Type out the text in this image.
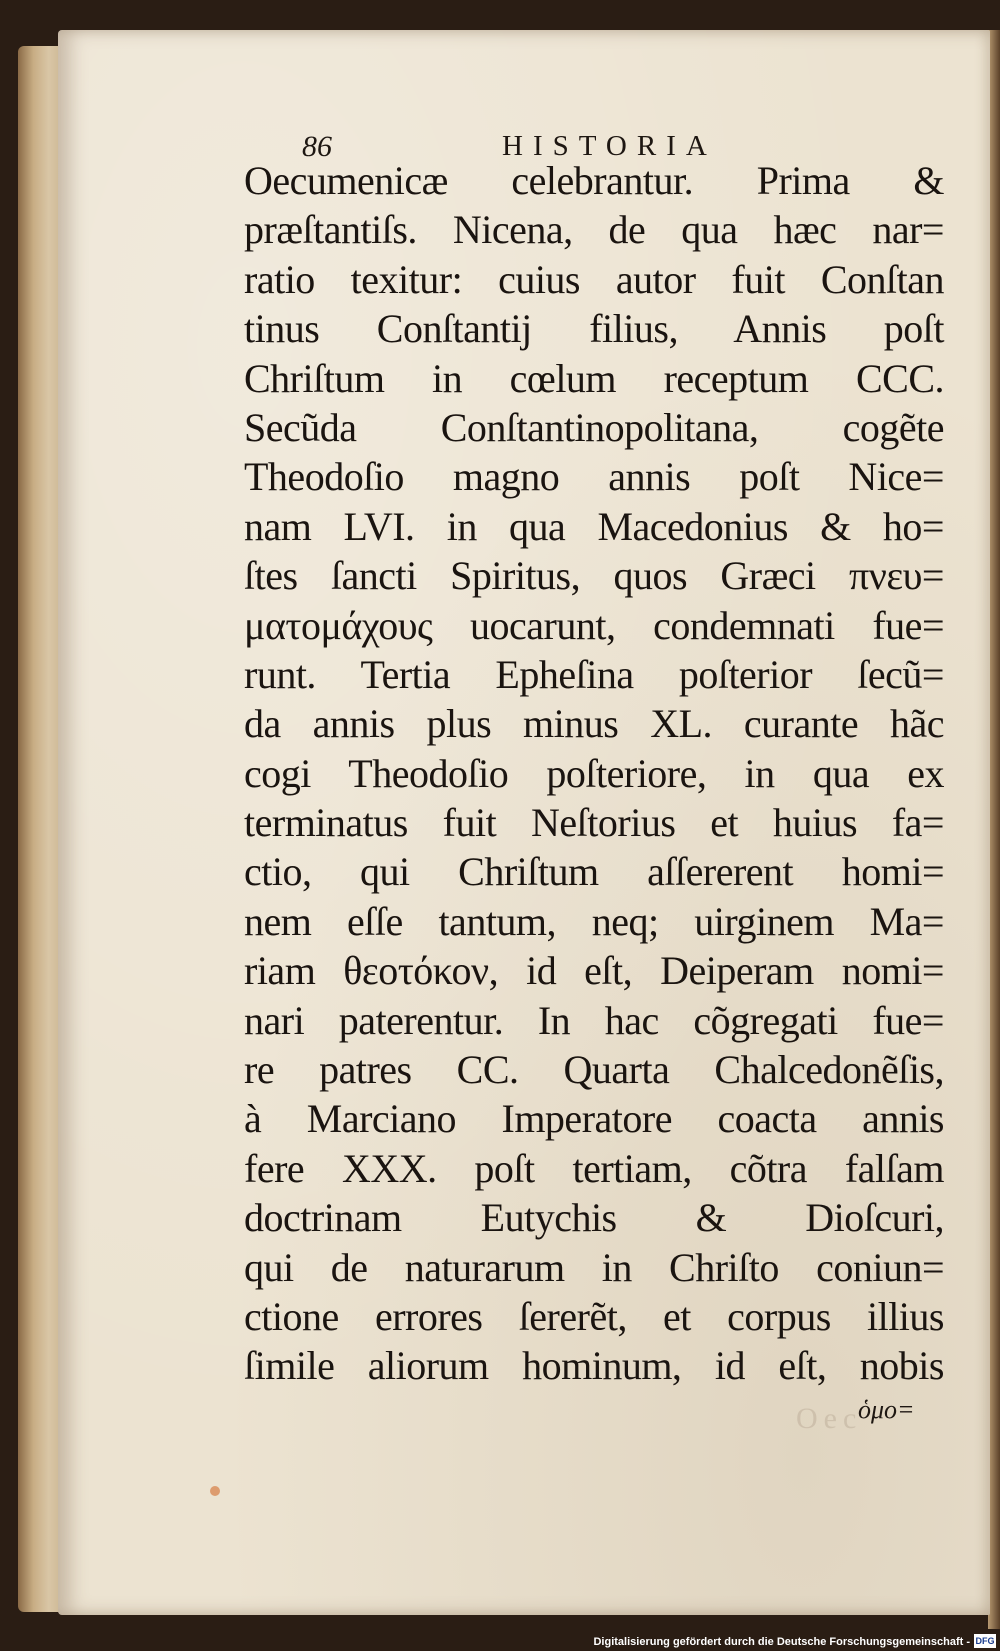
86	HISTORIA
Oecumenicæ celebrantur. Prima &
præſtantiſs. Nicena, de qua hæc nar=
ratio texitur: cuius autor fuit Conſtan
tinus Conſtantij filius, Annis poſt
Chriſtum in cœlum receptum CCC.
Secũda Conſtantinopolitana, cogẽte
Theodoſio magno annis poſt Nice=
nam LVI. in qua Macedonius & ho=
ſtes ſancti Spiritus, quos Græci πνευ=
ματομάχους uocarunt, condemnati fue=
runt. Tertia Epheſina poſterior ſecũ=
da annis plus minus XL. curante hãc
cogi Theodoſio poſteriore, in qua ex
terminatus fuit Neſtorius et huius fa=
ctio, qui Chriſtum aſſererent homi=
nem eſſe tantum, neq; uirginem Ma=
riam θεοτόκον, id eſt, Deiperam nomi=
nari paterentur. In hac cõgregati fue=
re patres CC. Quarta Chalcedonẽſis,
à Marciano Imperatore coacta annis
fere XXX. poſt tertiam, cõtra falſam
doctrinam Eutychis & Dioſcuri,
qui de naturarum in Chriſto coniun=
ctione errores ſererẽt, et corpus illius
ſimile aliorum hominum, id eſt, nobis
Oec
ὁμο=
Digitalisierung gefördert durch die Deutsche Forschungsgemeinschaft - DFG
